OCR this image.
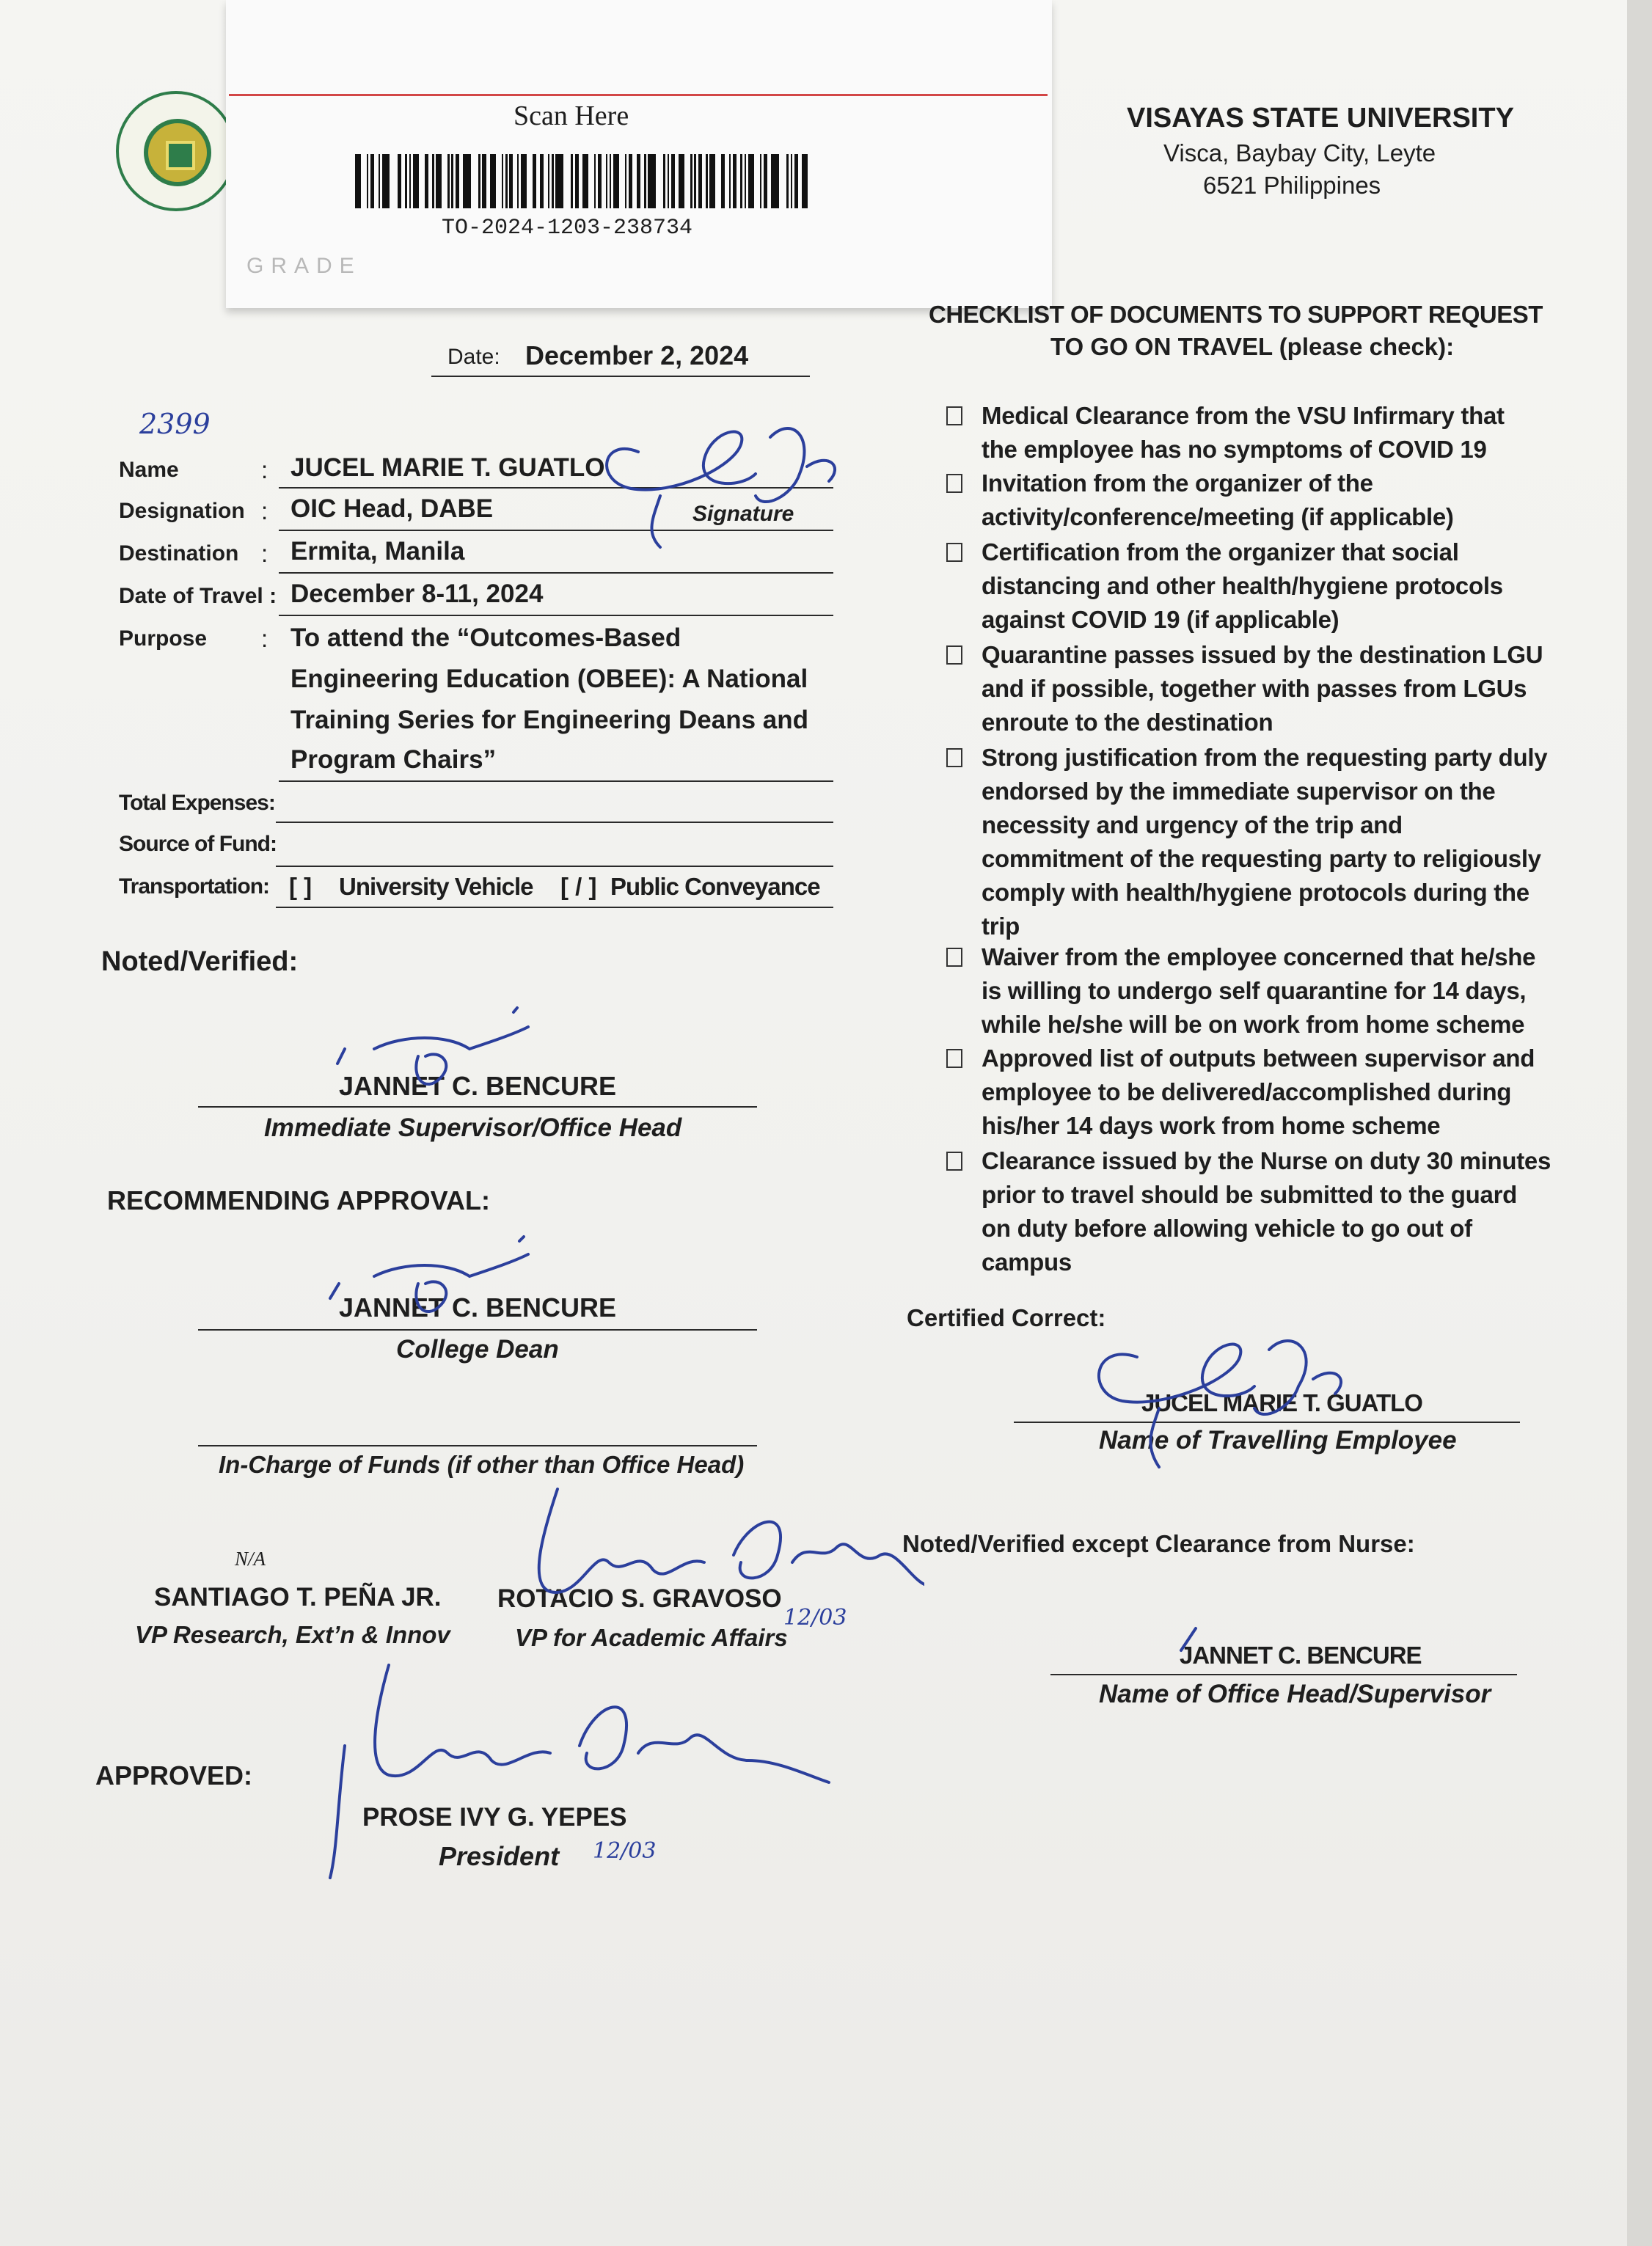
Scan Here
TO-2024-1203-238734
GRADE
VISAYAS STATE UNIVERSITY
Visca, Baybay City, Leyte
6521 Philippines
Date: December 2, 2024
2399
Name	: JUCEL MARIE T. GUATLO
Designation : OIC Head, DABE	Signature
Destination : Ermita, Manila
Date of Travel : December 8-11, 2024
Purpose : To attend the “Outcomes-Based
Engineering Education (OBEE): A National
Training Series for Engineering Deans and
Program Chairs”
Total Expenses:
Source of Fund:
Transportation: [ ] University Vehicle [ / ] Public Conveyance
Noted/Verified:
JANNET C. BENCURE
Immediate Supervisor/Office Head
RECOMMENDING APPROVAL:
JANNET C. BENCURE
College Dean
In-Charge of Funds (if other than Office Head)
N/A
SANTIAGO T. PEÑA JR.
VP Research, Ext’n & Innov
ROTACIO S. GRAVOSO
VP for Academic Affairs
12/03
APPROVED:
PROSE IVY G. YEPES
President 12/03
CHECKLIST OF DOCUMENTS TO SUPPORT REQUEST
TO GO ON TRAVEL (please check):
Medical Clearance from the VSU Infirmary that
the employee has no symptoms of COVID 19
Invitation from the organizer of the
activity/conference/meeting (if applicable)
Certification from the organizer that social
distancing and other health/hygiene protocols
against COVID 19 (if applicable)
Quarantine passes issued by the destination LGU
and if possible, together with passes from LGUs
enroute to the destination
Strong justification from the requesting party duly
endorsed by the immediate supervisor on the
necessity and urgency of the trip and
commitment of the requesting party to religiously
comply with health/hygiene protocols during the
trip
Waiver from the employee concerned that he/she
is willing to undergo self quarantine for 14 days,
while he/she will be on work from home scheme
Approved list of outputs between supervisor and
employee to be delivered/accomplished during
his/her 14 days work from home scheme
Clearance issued by the Nurse on duty 30 minutes
prior to travel should be submitted to the guard
on duty before allowing vehicle to go out of
campus
Certified Correct:
JUCEL MARIE T. GUATLO
Name of Travelling Employee
Noted/Verified except Clearance from Nurse:
JANNET C. BENCURE
Name of Office Head/Supervisor
